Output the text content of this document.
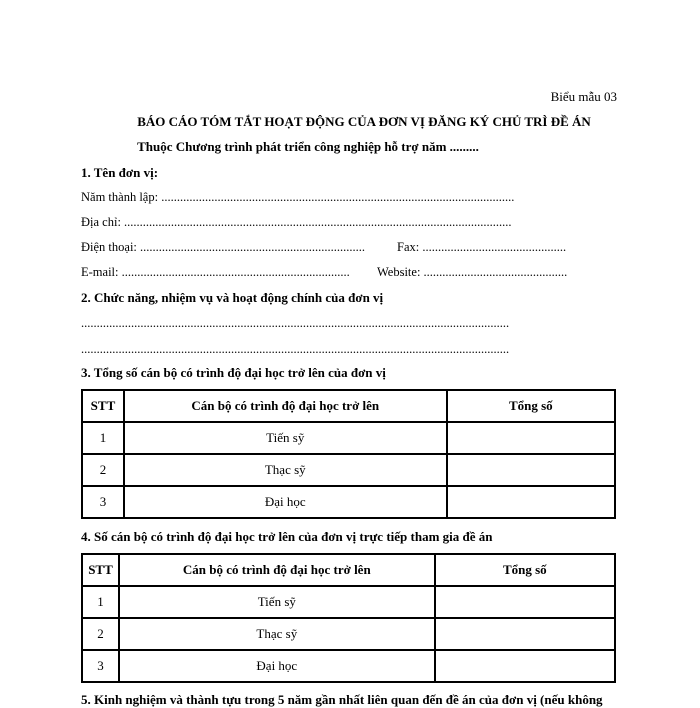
Biểu mẫu 03
BÁO CÁO TÓM TẮT HOẠT ĐỘNG CỦA ĐƠN VỊ ĐĂNG KÝ CHỦ TRÌ ĐỀ ÁN
Thuộc Chương trình phát triển công nghiệp hỗ trợ năm .........
1. Tên đơn vị:
Năm thành lập: .................................................................................................................
Địa chỉ: ............................................................................................................................
Điện thoại: ........................................................................	Fax: ..............................................
E-mail: ......................................................................... Website: ..............................................
2. Chức năng, nhiệm vụ và hoạt động chính của đơn vị
.........................................................................................................................................
.........................................................................................................................................
3. Tổng số cán bộ có trình độ đại học trở lên của đơn vị
STT	Cán bộ có trình độ đại học trở lên	Tổng số
1	Tiến sỹ	
2	Thạc sỹ	
3	Đại học	
4. Số cán bộ có trình độ đại học trở lên của đơn vị trực tiếp tham gia đề án
STT	Cán bộ có trình độ đại học trở lên	Tổng số
1	Tiến sỹ	
2	Thạc sỹ	
3	Đại học	
5. Kinh nghiệm và thành tựu trong 5 năm gần nhất liên quan đến đề án của đơn vị (nếu không
